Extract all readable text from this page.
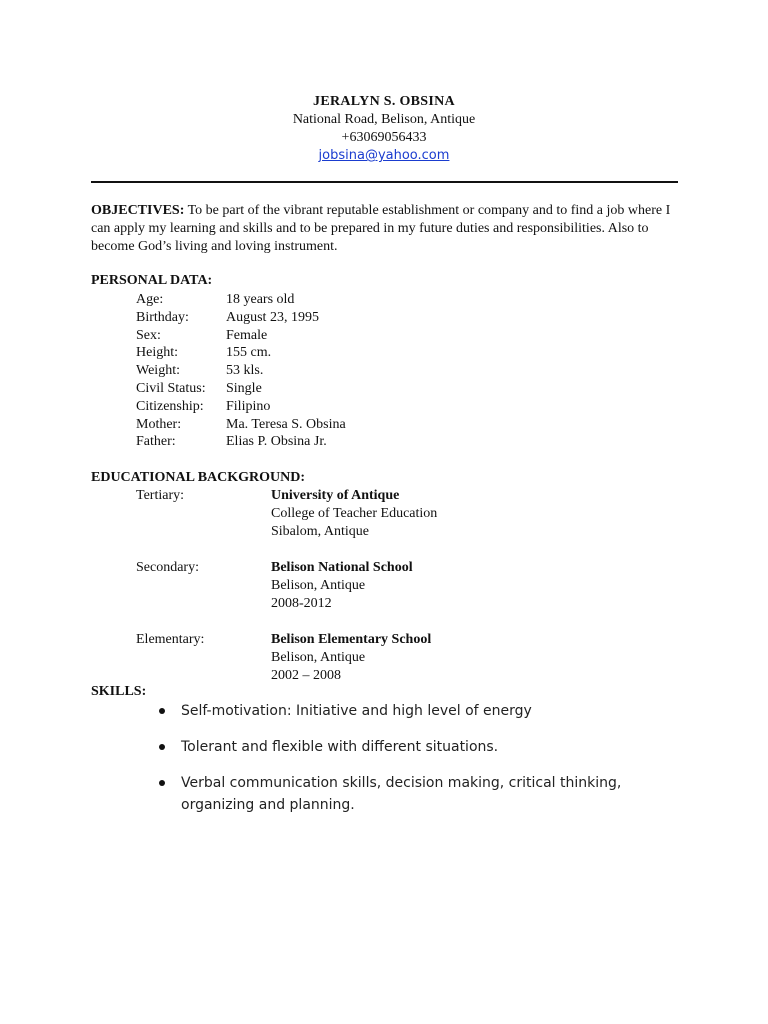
JERALYN S. OBSINA
National Road, Belison, Antique
+63069056433
jobsina@yahoo.com
OBJECTIVES: To be part of the vibrant reputable establishment or company and to find a job where I can apply my learning and skills and to be prepared in my future duties and responsibilities. Also to become God’s living and loving instrument.
PERSONAL DATA:
Age:	18 years old
Birthday:	August 23, 1995
Sex:	Female
Height:	155 cm.
Weight:	53 kls.
Civil Status: Single
Citizenship: Filipino
Mother:	Ma. Teresa S. Obsina
Father:	Elias P. Obsina Jr.
EDUCATIONAL BACKGROUND:
Tertiary:	University of Antique
College of Teacher Education
Sibalom, Antique
Secondary:	Belison National School
Belison, Antique
2008-2012
Elementary:	Belison Elementary School
Belison, Antique
2002 – 2008
SKILLS:
Self-motivation: Initiative and high level of energy
Tolerant and flexible with different situations.
Verbal communication skills, decision making, critical thinking, organizing and planning.
